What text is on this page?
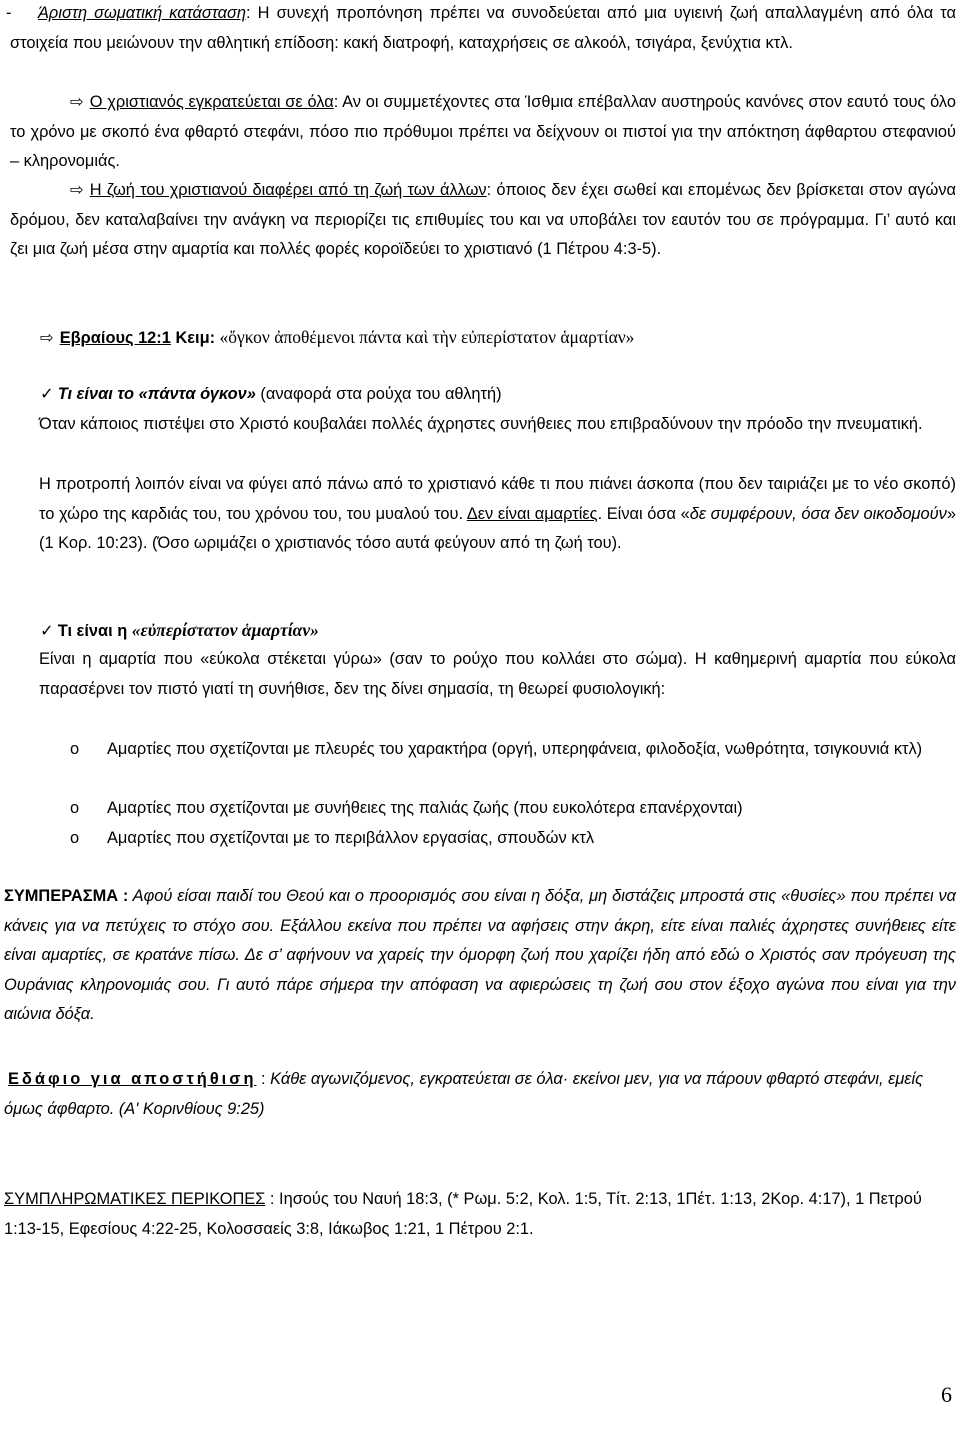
-	Άριστη σωματική κατάσταση: Η συνεχή προπόνηση πρέπει να συνοδεύεται από μια υγιεινή ζωή απαλλαγμένη από όλα τα στοιχεία που μειώνουν την αθλητική επίδοση: κακή διατροφή, καταχρήσεις σε αλκοόλ, τσιγάρα, ξενύχτια κτλ.

⇨ Ο χριστιανός εγκρατεύεται σε όλα: Αν οι συμμετέχοντες στα Ίσθμια επέβαλλαν αυστηρούς κανόνες στον εαυτό τους όλο το χρόνο με σκοπό ένα φθαρτό στεφάνι, πόσο πιο πρόθυμοι πρέπει να δείχνουν οι πιστοί για την απόκτηση άφθαρτου στεφανιού – κληρονομιάς.

⇨ Η ζωή του χριστιανού διαφέρει από τη ζωή των άλλων: όποιος δεν έχει σωθεί και επομένως δεν βρίσκεται στον αγώνα δρόμου, δεν καταλαβαίνει την ανάγκη να περιορίζει τις επιθυμίες του και να υποβάλει τον εαυτόν του σε πρόγραμμα. Γι’ αυτό και ζει μια ζωή μέσα στην αμαρτία και πολλές φορές κοροϊδεύει το χριστιανό (1 Πέτρου 4:3-5).

⇨ Εβραίους 12:1 Κειμ: «ὄγκον ἀποθέμενοι πάντα καὶ τὴν εὐπερίστατον ἁμαρτίαν»

✓ Τι είναι το «πάντα όγκον» (αναφορά στα ρούχα του αθλητή)

Όταν κάποιος πιστέψει στο Χριστό κουβαλάει πολλές άχρηστες συνήθειες που επιβραδύνουν την πρόοδο την πνευματική.

Η προτροπή λοιπόν είναι να φύγει από πάνω από το χριστιανό κάθε τι που πιάνει άσκοπα (που δεν ταιριάζει με το νέο σκοπό) το χώρο της καρδιάς του, του χρόνου του, του μυαλού του. Δεν είναι αμαρτίες. Είναι όσα «δε συμφέρουν, όσα δεν οικοδομούν» (1 Κορ. 10:23). (Όσο ωριμάζει ο χριστιανός τόσο αυτά φεύγουν από τη ζωή του).

✓ Τι είναι η «εὐπερίστατον ἁμαρτίαν»

Είναι η αμαρτία που «εύκολα στέκεται γύρω» (σαν το ρούχο που κολλάει στο σώμα). Η καθημερινή αμαρτία που εύκολα παρασέρνει τον πιστό γιατί τη συνήθισε, δεν της δίνει σημασία, τη θεωρεί φυσιολογική:

o Αμαρτίες που σχετίζονται με πλευρές του χαρακτήρα (οργή, υπερηφάνεια, φιλοδοξία, νωθρότητα, τσιγκουνιά κτλ)

o Αμαρτίες που σχετίζονται με συνήθειες της παλιάς ζωής (που ευκολότερα επανέρχονται)

o Αμαρτίες που σχετίζονται με το περιβάλλον εργασίας, σπουδών κτλ

ΣΥΜΠΕΡΑΣΜΑ : Αφού είσαι παιδί του Θεού και ο προορισμός σου είναι η δόξα, μη διστάζεις μπροστά στις «θυσίες» που πρέπει να κάνεις για να πετύχεις το στόχο σου. Εξάλλου εκείνα που πρέπει να αφήσεις στην άκρη, είτε είναι παλιές άχρηστες συνήθειες είτε είναι αμαρτίες, σε κρατάνε πίσω. Δε σ’ αφήνουν να χαρείς την όμορφη ζωή που χαρίζει ήδη από εδώ ο Χριστός σαν πρόγευση της Ουράνιας κληρονομιάς σου. Γι αυτό πάρε σήμερα την απόφαση να αφιερώσεις τη ζωή σου στον έξοχο αγώνα που είναι για την αιώνια δόξα.

Εδάφιο για αποστήθιση : Κάθε αγωνιζόμενος, εγκρατεύεται σε όλα· εκείνοι μεν, για να πάρουν φθαρτό στεφάνι, εμείς όμως άφθαρτο. (Α' Κορινθίους 9:25)

ΣΥΜΠΛΗΡΩΜΑΤΙΚΕΣ ΠΕΡΙΚΟΠΕΣ : Ιησούς του Ναυή 18:3, (* Ρωμ. 5:2, Κολ. 1:5, Τίτ. 2:13, 1Πέτ. 1:13, 2Κορ. 4:17), 1 Πετρού 1:13-15, Εφεσίους 4:22-25, Κολοσσαείς 3:8, Ιάκωβος 1:21, 1 Πέτρου 2:1.

6
